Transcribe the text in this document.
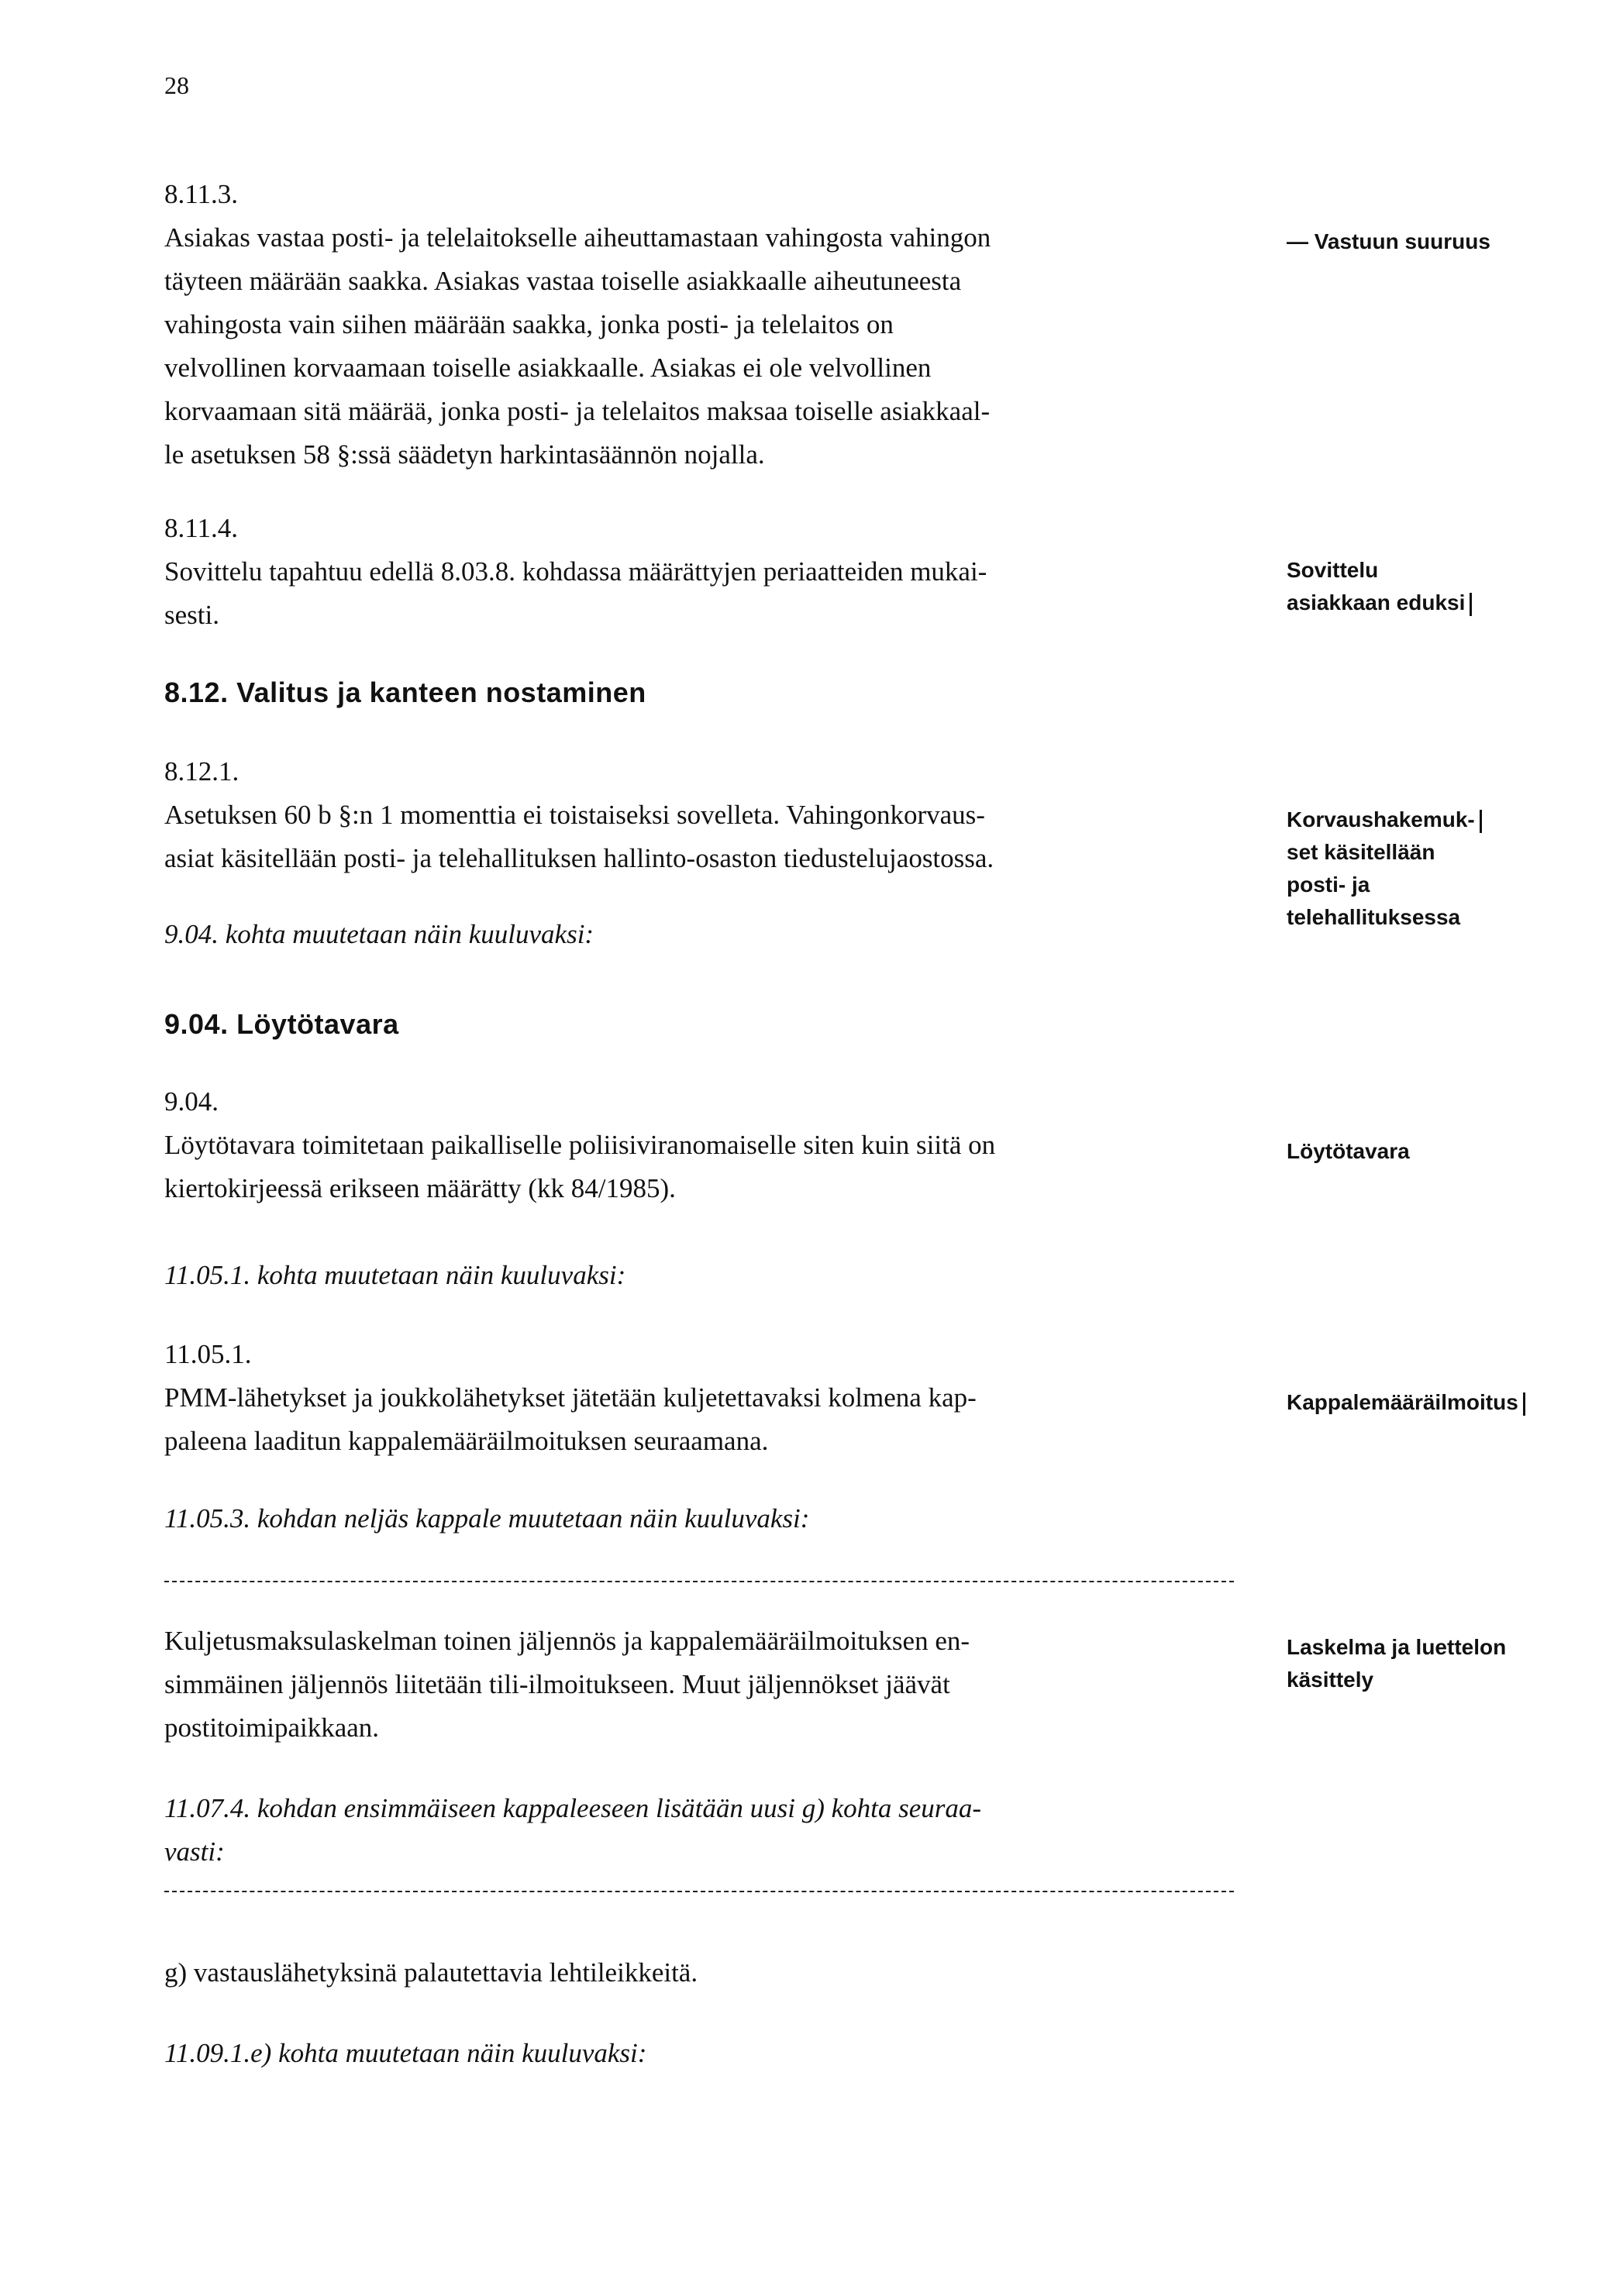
28
8.11.3.

Asiakas vastaa posti- ja telelaitokselle aiheuttamastaan vahingosta vahingon

täyteen määrään saakka. Asiakas vastaa toiselle asiakkaalle aiheutuneesta

vahingosta vain siihen määrään saakka, jonka posti- ja telelaitos on

velvollinen korvaamaan toiselle asiakkaalle. Asiakas ei ole velvollinen

korvaamaan sitä määrää, jonka posti- ja telelaitos maksaa toiselle asiakkaal-

le asetuksen 58 §:ssä säädetyn harkintasäännön nojalla.

— Vastuun suuruus
8.11.4.

Sovittelu tapahtuu edellä 8.03.8. kohdassa määrättyjen periaatteiden mukai-

sesti.

Sovittelu
asiakkaan eduksi
8.12. Valitus ja kanteen nostaminen
8.12.1.

Asetuksen 60 b §:n 1 momenttia ei toistaiseksi sovelleta. Vahingonkorvaus-

asiat käsitellään posti- ja telehallituksen hallinto-osaston tiedustelujaostossa.

Korvaushakemuk-
set käsitellään
posti- ja
telehallituksessa
9.04. kohta muutetaan näin kuuluvaksi:
9.04. Löytötavara
9.04.

Löytötavara toimitetaan paikalliselle poliisiviranomaiselle siten kuin siitä on

kiertokirjeessä erikseen määrätty (kk 84/1985).

Löytötavara
11.05.1. kohta muutetaan näin kuuluvaksi:
11.05.1.

PMM-lähetykset ja joukkolähetykset jätetään kuljetettavaksi kolmena kap-

paleena laaditun kappalemääräilmoituksen seuraamana.

Kappalemääräilmoitus
11.05.3. kohdan neljäs kappale muutetaan näin kuuluvaksi:

Kuljetusmaksulaskelman toinen jäljennös ja kappalemääräilmoituksen en-

simmäinen jäljennös liitetään tili-ilmoitukseen. Muut jäljennökset jäävät

postitoimipaikkaan.

Laskelma ja luettelon
käsittely

11.07.4. kohdan ensimmäiseen kappaleeseen lisätään uusi g) kohta seuraa-

vasti:

g) vastauslähetyksinä palautettavia lehtileikkeitä.

11.09.1.e) kohta muutetaan näin kuuluvaksi:
